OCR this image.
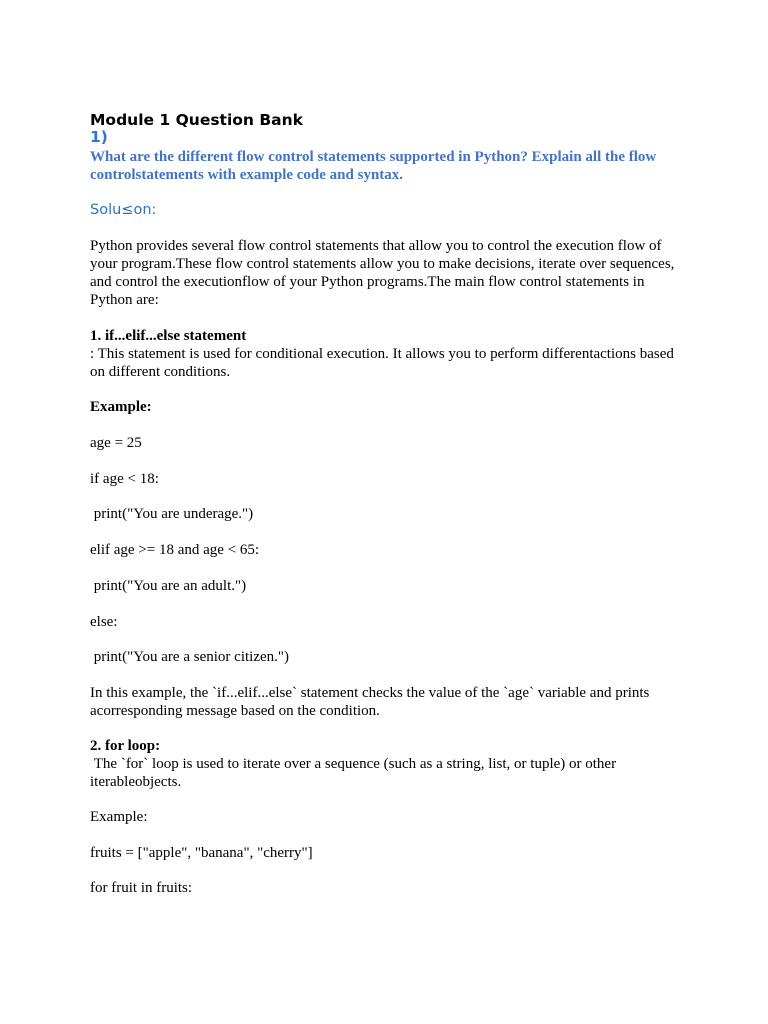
Module 1 Question Bank
1)
What are the different flow control statements supported in Python? Explain all the flow controlstatements with example code and syntax.
Solu≤on:
Python provides several flow control statements that allow you to control the execution flow of your program.These flow control statements allow you to make decisions, iterate over sequences, and control the executionflow of your Python programs.The main flow control statements in Python are:
1. if...elif...else statement
: This statement is used for conditional execution. It allows you to perform differentactions based on different conditions.
Example:
age = 25
if age < 18:
print("You are underage.")
elif age >= 18 and age < 65:
print("You are an adult.")
else:
print("You are a senior citizen.")
In this example, the `if...elif...else` statement checks the value of the `age` variable and prints acorresponding message based on the condition.
2. for loop:
The `for` loop is used to iterate over a sequence (such as a string, list, or tuple) or other iterableobjects.
Example:
fruits = ["apple", "banana", "cherry"]
for fruit in fruits:
